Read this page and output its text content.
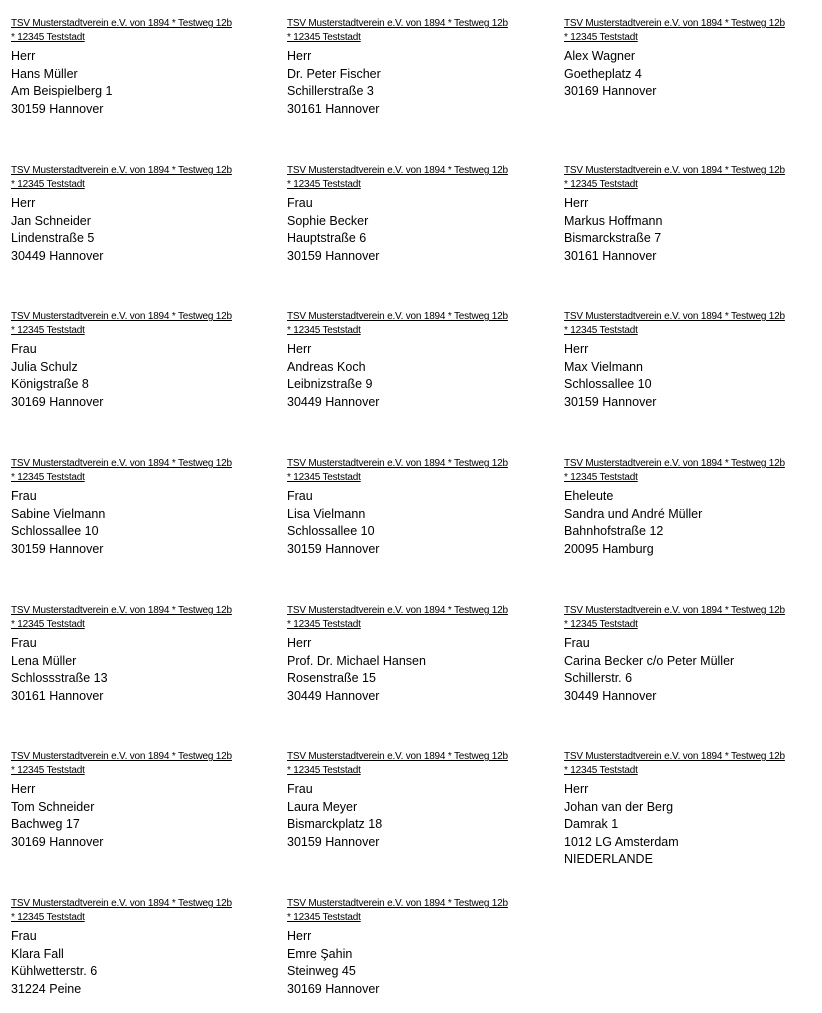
TSV Musterstadtverein e.V. von 1894 * Testweg 12b
* 12345 Teststadt
Herr
Hans Müller
Am Beispielberg 1
30159 Hannover
TSV Musterstadtverein e.V. von 1894 * Testweg 12b
* 12345 Teststadt
Herr
Dr. Peter Fischer
Schillerstraße 3
30161 Hannover
TSV Musterstadtverein e.V. von 1894 * Testweg 12b
* 12345 Teststadt
Alex Wagner
Goetheplatz 4
30169 Hannover
TSV Musterstadtverein e.V. von 1894 * Testweg 12b
* 12345 Teststadt
Herr
Jan Schneider
Lindenstraße 5
30449 Hannover
TSV Musterstadtverein e.V. von 1894 * Testweg 12b
* 12345 Teststadt
Frau
Sophie Becker
Hauptstraße 6
30159 Hannover
TSV Musterstadtverein e.V. von 1894 * Testweg 12b
* 12345 Teststadt
Herr
Markus Hoffmann
Bismarckstraße 7
30161 Hannover
TSV Musterstadtverein e.V. von 1894 * Testweg 12b
* 12345 Teststadt
Frau
Julia Schulz
Königstraße 8
30169 Hannover
TSV Musterstadtverein e.V. von 1894 * Testweg 12b
* 12345 Teststadt
Herr
Andreas Koch
Leibnizstraße 9
30449 Hannover
TSV Musterstadtverein e.V. von 1894 * Testweg 12b
* 12345 Teststadt
Herr
Max Vielmann
Schlossallee 10
30159 Hannover
TSV Musterstadtverein e.V. von 1894 * Testweg 12b
* 12345 Teststadt
Frau
Sabine Vielmann
Schlossallee 10
30159 Hannover
TSV Musterstadtverein e.V. von 1894 * Testweg 12b
* 12345 Teststadt
Frau
Lisa Vielmann
Schlossallee 10
30159 Hannover
TSV Musterstadtverein e.V. von 1894 * Testweg 12b
* 12345 Teststadt
Eheleute
Sandra und André Müller
Bahnhofstraße 12
20095 Hamburg
TSV Musterstadtverein e.V. von 1894 * Testweg 12b
* 12345 Teststadt
Frau
Lena Müller
Schlossstraße 13
30161 Hannover
TSV Musterstadtverein e.V. von 1894 * Testweg 12b
* 12345 Teststadt
Herr
Prof. Dr. Michael Hansen
Rosenstraße 15
30449 Hannover
TSV Musterstadtverein e.V. von 1894 * Testweg 12b
* 12345 Teststadt
Frau
Carina Becker c/o Peter Müller
Schillerstr. 6
30449 Hannover
TSV Musterstadtverein e.V. von 1894 * Testweg 12b
* 12345 Teststadt
Herr
Tom Schneider
Bachweg 17
30169 Hannover
TSV Musterstadtverein e.V. von 1894 * Testweg 12b
* 12345 Teststadt
Frau
Laura Meyer
Bismarckplatz 18
30159 Hannover
TSV Musterstadtverein e.V. von 1894 * Testweg 12b
* 12345 Teststadt
Herr
Johan van der Berg
Damrak 1
1012 LG Amsterdam
NIEDERLANDE
TSV Musterstadtverein e.V. von 1894 * Testweg 12b
* 12345 Teststadt
Frau
Klara Fall
Kühlwetterstr. 6
31224 Peine
TSV Musterstadtverein e.V. von 1894 * Testweg 12b
* 12345 Teststadt
Herr
Emre Şahin
Steinweg 45
30169 Hannover
